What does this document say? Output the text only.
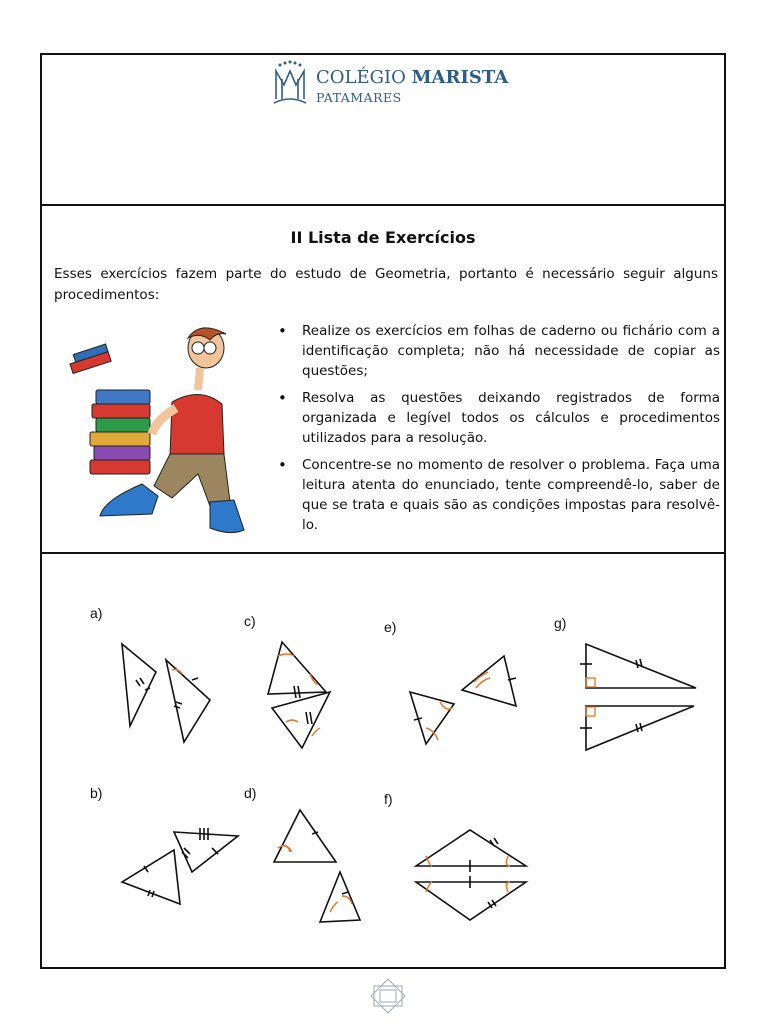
COLÉGIO MARISTA
PATAMARES
II Lista de Exercícios
Esses exercícios fazem parte do estudo de Geometria, portanto é necessário seguir alguns procedimentos:
• Realize os exercícios em folhas de caderno ou fichário com a identificação completa; não há necessidade de copiar as questões;
• Resolva as questões deixando registrados de forma organizada e legível todos os cálculos e procedimentos utilizados para a resolução.
• Concentre-se no momento de resolver o problema. Faça uma leitura atenta do enunciado, tente compreendê-lo, saber de que se trata e quais são as condições impostas para resolvê-lo.
a)
b)
c)
d)
e)
f)
g)
